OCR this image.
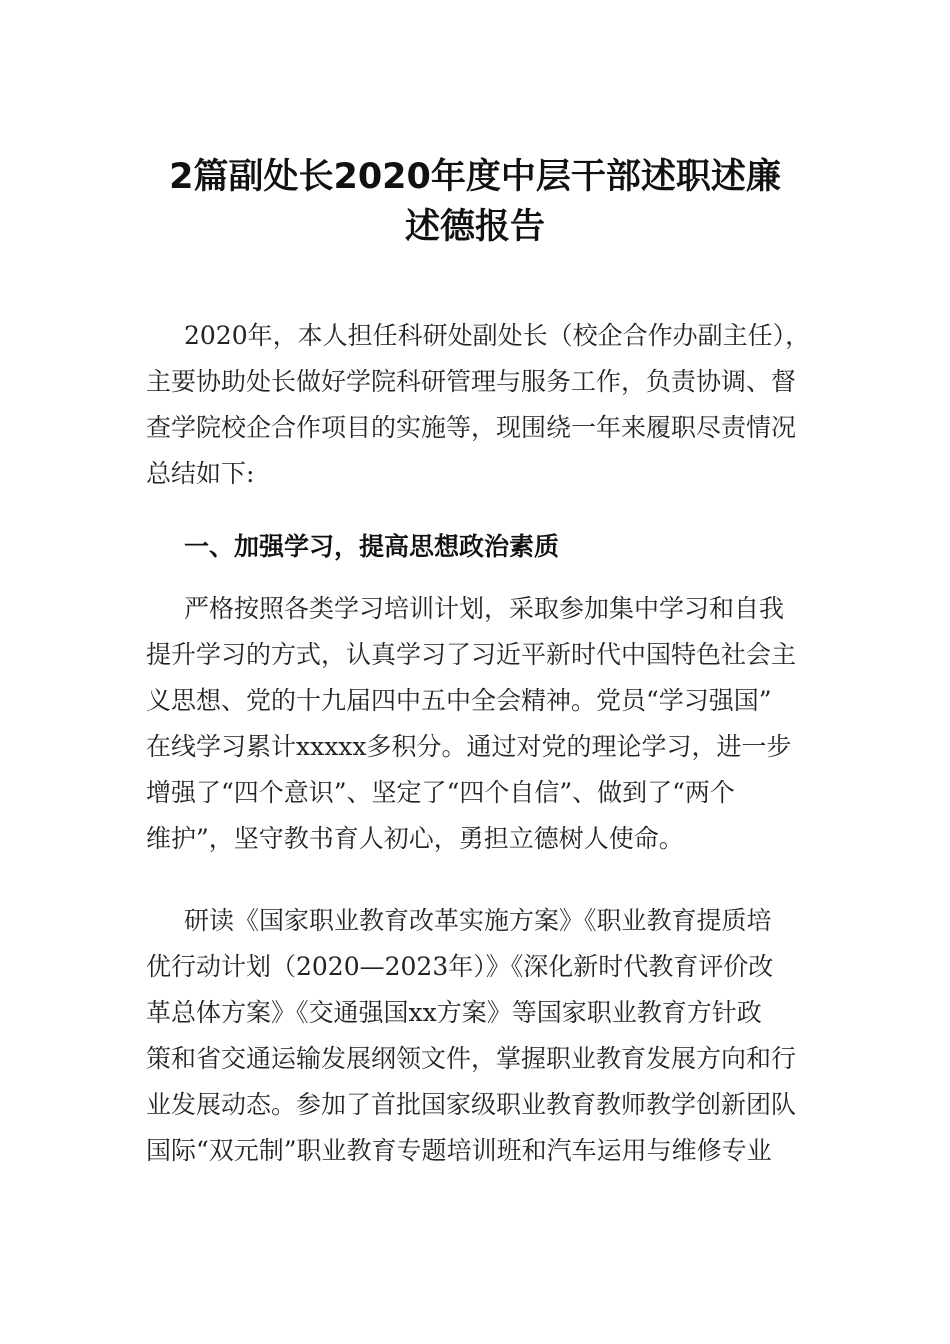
2篇副处长2020年度中层干部述职述廉
述德报告
2020年，本人担任科研处副处长（校企合作办副主任），
主要协助处长做好学院科研管理与服务工作，负责协调、督
查学院校企合作项目的实施等，现围绕一年来履职尽责情况
总结如下:
一、加强学习，提高思想政治素质
严格按照各类学习培训计划，采取参加集中学习和自我
提升学习的方式，认真学习了习近平新时代中国特色社会主
义思想、党的十九届四中五中全会精神。党员“学习强国”
在线学习累计xxxxx多积分。通过对党的理论学习，进一步
增强了“四个意识”、坚定了“四个自信”、做到了“两个
维护”，坚守教书育人初心，勇担立德树人使命。
研读《国家职业教育改革实施方案》《职业教育提质培
优行动计划（2020—2023年）》《深化新时代教育评价改
革总体方案》《交通强国xx方案》等国家职业教育方针政
策和省交通运输发展纲领文件，掌握职业教育发展方向和行
业发展动态。参加了首批国家级职业教育教师教学创新团队
国际“双元制”职业教育专题培训班和汽车运用与维修专业
